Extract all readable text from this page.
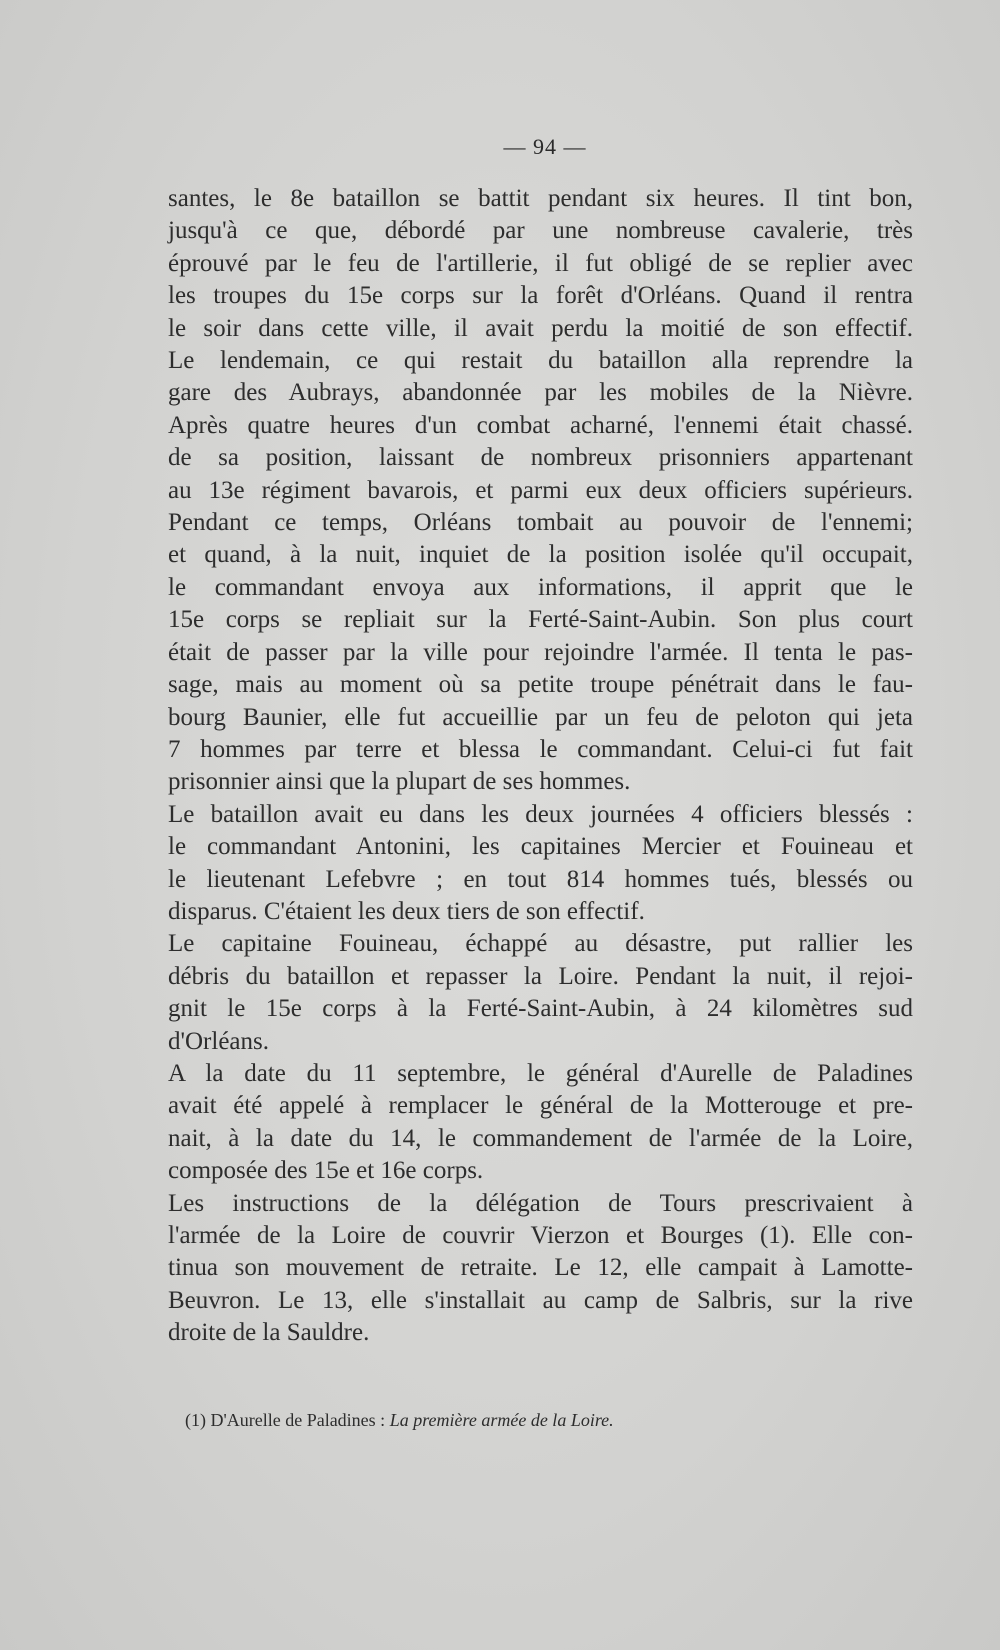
— 94 —
santes, le 8e bataillon se battit pendant six heures. Il tint bon,
jusqu'à ce que, débordé par une nombreuse cavalerie, très
éprouvé par le feu de l'artillerie, il fut obligé de se replier avec
les troupes du 15e corps sur la forêt d'Orléans. Quand il rentra
le soir dans cette ville, il avait perdu la moitié de son effectif.
Le lendemain, ce qui restait du bataillon alla reprendre la
gare des Aubrays, abandonnée par les mobiles de la Nièvre.
Après quatre heures d'un combat acharné, l'ennemi était chassé.
de sa position, laissant de nombreux prisonniers appartenant
au 13e régiment bavarois, et parmi eux deux officiers supérieurs.
Pendant ce temps, Orléans tombait au pouvoir de l'ennemi;
et quand, à la nuit, inquiet de la position isolée qu'il occupait,
le commandant envoya aux informations, il apprit que le
15e corps se repliait sur la Ferté-Saint-Aubin. Son plus court
était de passer par la ville pour rejoindre l'armée. Il tenta le pas-
sage, mais au moment où sa petite troupe pénétrait dans le fau-
bourg Baunier, elle fut accueillie par un feu de peloton qui jeta
7 hommes par terre et blessa le commandant. Celui-ci fut fait
prisonnier ainsi que la plupart de ses hommes.
Le bataillon avait eu dans les deux journées 4 officiers blessés :
le commandant Antonini, les capitaines Mercier et Fouineau et
le lieutenant Lefebvre ; en tout 814 hommes tués, blessés ou
disparus. C'étaient les deux tiers de son effectif.
Le capitaine Fouineau, échappé au désastre, put rallier les
débris du bataillon et repasser la Loire. Pendant la nuit, il rejoi-
gnit le 15e corps à la Ferté-Saint-Aubin, à 24 kilomètres sud
d'Orléans.
A la date du 11 septembre, le général d'Aurelle de Paladines
avait été appelé à remplacer le général de la Motterouge et pre-
nait, à la date du 14, le commandement de l'armée de la Loire,
composée des 15e et 16e corps.
Les instructions de la délégation de Tours prescrivaient à
l'armée de la Loire de couvrir Vierzon et Bourges (1). Elle con-
tinua son mouvement de retraite. Le 12, elle campait à Lamotte-
Beuvron. Le 13, elle s'installait au camp de Salbris, sur la rive
droite de la Sauldre.
(1) D'Aurelle de Paladines : La première armée de la Loire.
